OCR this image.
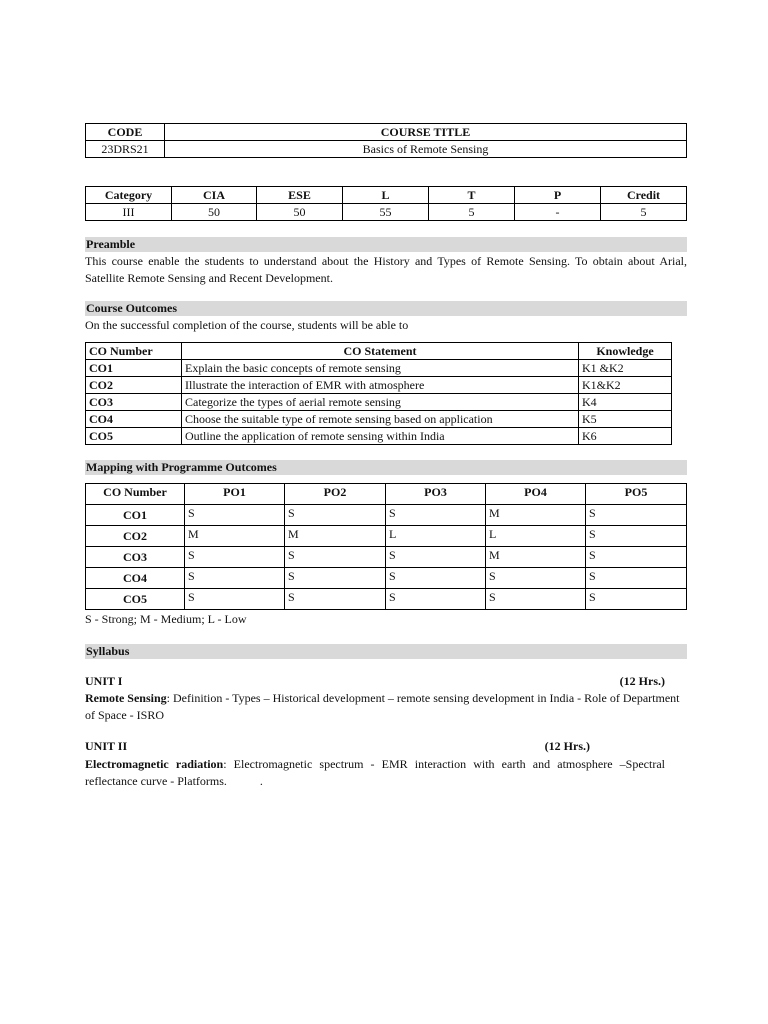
CODE	COURSE TITLE
23DRS21	Basics of Remote Sensing
Category	CIA	ESE	L	T	P	Credit
III	50	50	55	5	-	5
Preamble

This course enable the students to understand about the History and Types of Remote Sensing. To obtain about Arial, Satellite Remote Sensing and Recent Development.

Course Outcomes

On the successful completion of the course, students will be able to

CO Number	CO Statement	Knowledge
CO1	Explain the basic concepts of remote sensing	K1 &K2
CO2	Illustrate the interaction of EMR with atmosphere	K1&K2
CO3	Categorize the types of aerial remote sensing	K4
CO4	Choose the suitable type of remote sensing based on application	K5
CO5	Outline the application of remote sensing within India	K6
Mapping with Programme Outcomes
CO Number	PO1	PO2	PO3	PO4	PO5
CO1	S	S	S	M	S
CO2	M	M	L	L	S
CO3	S	S	S	M	S
CO4	S	S	S	S	S
CO5	S	S	S	S	S

S - Strong; M - Medium; L - Low

Syllabus
UNIT I	(12 Hrs.)

Remote Sensing: Definition - Types – Historical development – remote sensing development in India - Role of Department of Space - ISRO

UNIT II	(12 Hrs.)

Electromagnetic radiation: Electromagnetic spectrum - EMR interaction with earth and atmosphere –Spectral reflectance curve - Platforms.           .
